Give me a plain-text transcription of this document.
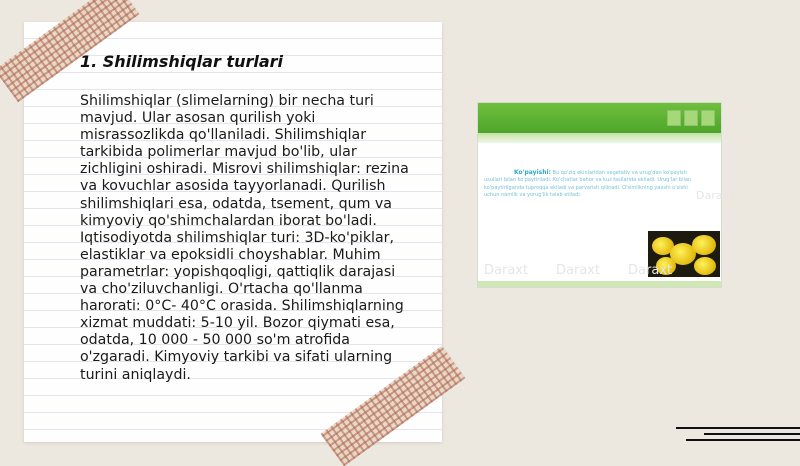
1. Shilimshiqlar turlari

Shilimshiqlar (slimelarning) bir necha turi mavjud. Ular asosan qurilish yoki misrassozlikda qo'llaniladi. Shilimshiqlar tarkibida polimerlar mavjud bo'lib, ular zichligini oshiradi. Misrovi shilimshiqlar: rezina va kovuchlar asosida tayyorlanadi. Qurilish shilimshiqlari esa, odatda, tsement, qum va kimyoviy qo'shimchalardan iborat bo'ladi. Iqtisodiyotda shilimshiqlar turi: 3D-ko'piklar, elastiklar va epoksidli choyshablar. Muhim parametrlar: yopishqoqligi, qattiqlik darajasi va cho'ziluvchanligi. O'rtacha qo'llanma harorati: 0°C- 40°C orasida. Shilimshiqlarning xizmat muddati: 5-10 yil. Bozor qiymati esa, odatda, 10 000 - 50 000 so'm atrofida o'zgaradi. Kimyoviy tarkibi va sifati ularning turini aniqlaydi.

Ko'payishi: Bu qo'ziq ekinlaridan vegetativ va urug'dan ko'payish usullari bilan ko'paytiriladi. Ko'chatlar bahor va kuz fasllarida ekiladi. Urug'lar bilan ko'paytirilganda tuproqqa ekiladi va parvarish qilinadi. O'simlikning yaxshi o'sishi uchun namlik va yorug'lik talab etiladi.	Daraxt
Daraxt Daraxt Daraxt
